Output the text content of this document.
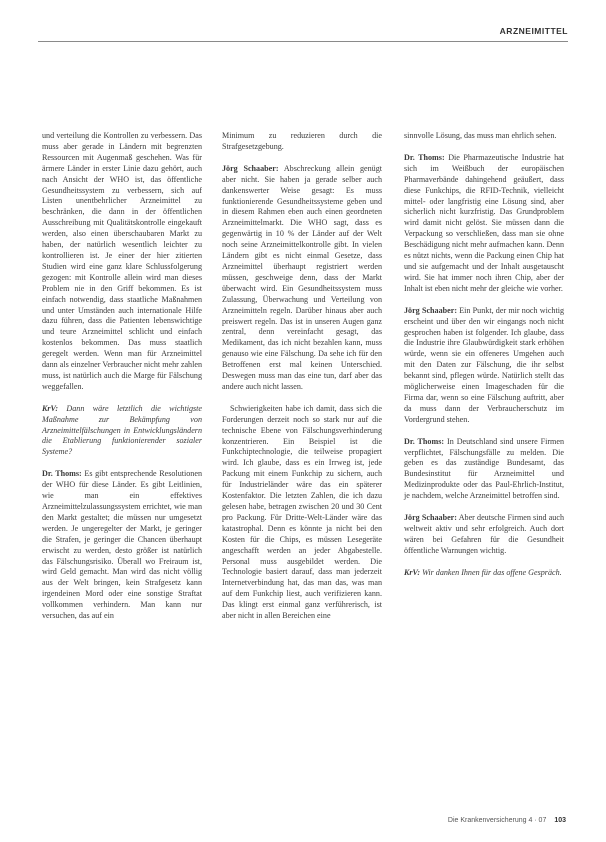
ARZNEIMITTEL

und verteilung die Kontrollen zu verbessern. Das muss aber gerade in Ländern mit begrenzten Ressourcen mit Augenmaß geschehen. Was für ärmere Länder in erster Linie dazu gehört, auch nach Ansicht der WHO ist, das öffentliche Gesundheitssystem zu verbessern, sich auf Listen unentbehrlicher Arzneimittel zu beschränken, die dann in der öffentlichen Ausschreibung mit Qualitätskontrolle eingekauft werden, also einen überschaubaren Markt zu haben, der natürlich wesentlich leichter zu kontrollieren ist. Je einer der hier zitierten Studien wird eine ganz klare Schlussfolgerung gezogen: mit Kontrolle allein wird man dieses Problem nie in den Griff bekommen. Es ist einfach notwendig, dass staatliche Maßnahmen und unter Umständen auch internationale Hilfe dazu führen, dass die Patienten lebenswichtige und teure Arzneimittel schlicht und einfach kostenlos bekommen. Das muss staatlich geregelt werden. Wenn man für Arzneimittel dann als einzelner Verbraucher nicht mehr zahlen muss, ist natürlich auch die Marge für Fälschung weggefallen.

KrV: Dann wäre letztlich die wichtigste Maßnahme zur Bekämpfung von Arzneimittelfälschungen in Entwicklungsländern die Etablierung funktionierender sozialer Systeme?

Dr. Thoms: Es gibt entsprechende Resolutionen der WHO für diese Länder. Es gibt Leitlinien, wie man ein effektives Arzneimittelzulassungssystem errichtet, wie man den Markt gestaltet; die müssen nur umgesetzt werden. Je ungeregelter der Markt, je geringer die Strafen, je geringer die Chancen überhaupt erwischt zu werden, desto größer ist natürlich das Fälschungsrisiko. Überall wo Freiraum ist, wird Geld gemacht. Man wird das nicht völlig aus der Welt bringen, kein Strafgesetz kann irgendeinen Mord oder eine sonstige Straftat vollkommen verhindern. Man kann nur versuchen, das auf ein

Minimum zu reduzieren durch die Strafgesetzgebung.

Jörg Schaaber: Abschreckung allein genügt aber nicht. Sie haben ja gerade selber auch dankenswerter Weise gesagt: Es muss funktionierende Gesundheitssysteme geben und in diesem Rahmen eben auch einen geordneten Arzneimittelmarkt. Die WHO sagt, dass es gegenwärtig in 10 % der Länder auf der Welt noch seine Arzneimittelkontrolle gibt. In vielen Ländern gibt es nicht einmal Gesetze, dass Arzneimittel überhaupt registriert werden müssen, geschweige denn, dass der Markt überwacht wird. Ein Gesundheitssystem muss Zulassung, Überwachung und Verteilung von Arzneimitteln regeln. Darüber hinaus aber auch preiswert regeln. Das ist in unseren Augen ganz zentral, denn vereinfacht gesagt, das Medikament, das ich nicht bezahlen kann, muss genauso wie eine Fälschung. Da sehe ich für den Betroffenen erst mal keinen Unterschied. Deswegen muss man das eine tun, darf aber das andere auch nicht lassen.

Schwierigkeiten habe ich damit, dass sich die Forderungen derzeit noch so stark nur auf die technische Ebene von Fälschungsverhinderung konzentrieren. Ein Beispiel ist die Funkchiptechnologie, die teilweise propagiert wird. Ich glaube, dass es ein Irrweg ist, jede Packung mit einem Funkchip zu sichern, auch für Industrieländer wäre das ein späterer Kostenfaktor. Die letzten Zahlen, die ich dazu gelesen habe, betragen zwischen 20 und 30 Cent pro Packung. Für Dritte-Welt-Länder wäre das katastrophal. Denn es könnte ja nicht bei den Kosten für die Chips, es müssen Lesegeräte angeschafft werden an jeder Abgabestelle. Personal muss ausgebildet werden. Die Technologie basiert darauf, dass man jederzeit Internetverbindung hat, das man das, was man auf dem Funkchip liest, auch verifizieren kann. Das klingt erst einmal ganz verführerisch, ist aber nicht in allen Bereichen eine

sinnvolle Lösung, das muss man ehrlich sehen.

Dr. Thoms: Die Pharmazeutische Industrie hat sich im Weißbuch der europäischen Pharmaverbände dahingehend geäußert, dass diese Funkchips, die RFID-Technik, vielleicht mittel- oder langfristig eine Lösung sind, aber sicherlich nicht kurzfristig. Das Grundproblem wird damit nicht gelöst. Sie müssen dann die Verpackung so verschließen, dass man sie ohne Beschädigung nicht mehr aufmachen kann. Denn es nützt nichts, wenn die Packung einen Chip hat und sie aufgemacht und der Inhalt ausgetauscht wird. Sie hat immer noch ihren Chip, aber der Inhalt ist eben nicht mehr der gleiche wie vorher.

Jörg Schaaber: Ein Punkt, der mir noch wichtig erscheint und über den wir eingangs noch nicht gesprochen haben ist folgender. Ich glaube, dass die Industrie ihre Glaubwürdigkeit stark erhöhen würde, wenn sie ein offeneres Umgehen auch mit den Daten zur Fälschung, die ihr selbst bekannt sind, pflegen würde. Natürlich stellt das möglicherweise einen Imageschaden für die Firma dar, wenn so eine Fälschung auftritt, aber da muss dann der Verbraucherschutz im Vordergrund stehen.

Dr. Thoms: In Deutschland sind unsere Firmen verpflichtet, Fälschungsfälle zu melden. Die geben es das zuständige Bundesamt, das Bundesinstitut für Arzneimittel und Medizinprodukte oder das Paul-Ehrlich-Institut, je nachdem, welche Arzneimittel betroffen sind.

Jörg Schaaber: Aber deutsche Firmen sind auch weltweit aktiv und sehr erfolgreich. Auch dort wären bei Gefahren für die Gesundheit öffentliche Warnungen wichtig.

KrV: Wir danken Ihnen für das offene Gespräch.

Die Krankenversicherung 4 · 07 103
